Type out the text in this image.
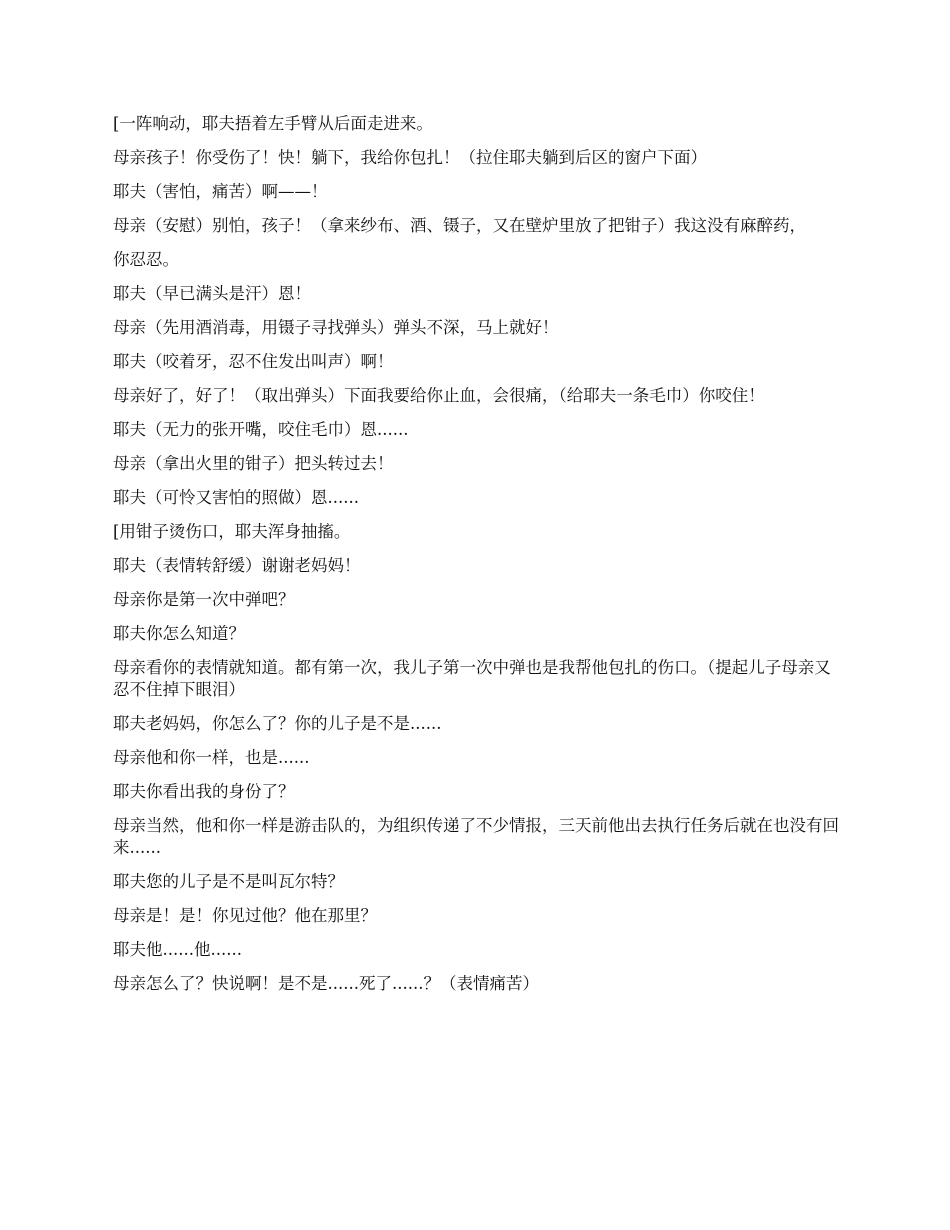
[一阵响动，耶夫捂着左手臂从后面走进来。

母亲孩子！你受伤了！快！躺下，我给你包扎！（拉住耶夫躺到后区的窗户下面）

耶夫（害怕，痛苦）啊——！

母亲（安慰）别怕，孩子！（拿来纱布、酒、镊子，又在壁炉里放了把钳子）我这没有麻醉药，

你忍忍。

耶夫（早已满头是汗）恩！

母亲（先用酒消毒，用镊子寻找弹头）弹头不深，马上就好！

耶夫（咬着牙，忍不住发出叫声）啊！

母亲好了，好了！（取出弹头）下面我要给你止血，会很痛，（给耶夫一条毛巾）你咬住！

耶夫（无力的张开嘴，咬住毛巾）恩......

母亲（拿出火里的钳子）把头转过去！

耶夫（可怜又害怕的照做）恩......

[用钳子烫伤口，耶夫浑身抽搐。

耶夫（表情转舒缓）谢谢老妈妈！

母亲你是第一次中弹吧？

耶夫你怎么知道？

母亲看你的表情就知道。都有第一次，我儿子第一次中弹也是我帮他包扎的伤口。（提起儿子母亲又忍不住掉下眼泪）

耶夫老妈妈，你怎么了？你的儿子是不是......

母亲他和你一样，也是......

耶夫你看出我的身份了？

母亲当然，他和你一样是游击队的，为组织传递了不少情报，三天前他出去执行任务后就在也没有回来......

耶夫您的儿子是不是叫瓦尔特？

母亲是！是！你见过他？他在那里？

耶夫他......他......

母亲怎么了？快说啊！是不是......死了......？（表情痛苦）
